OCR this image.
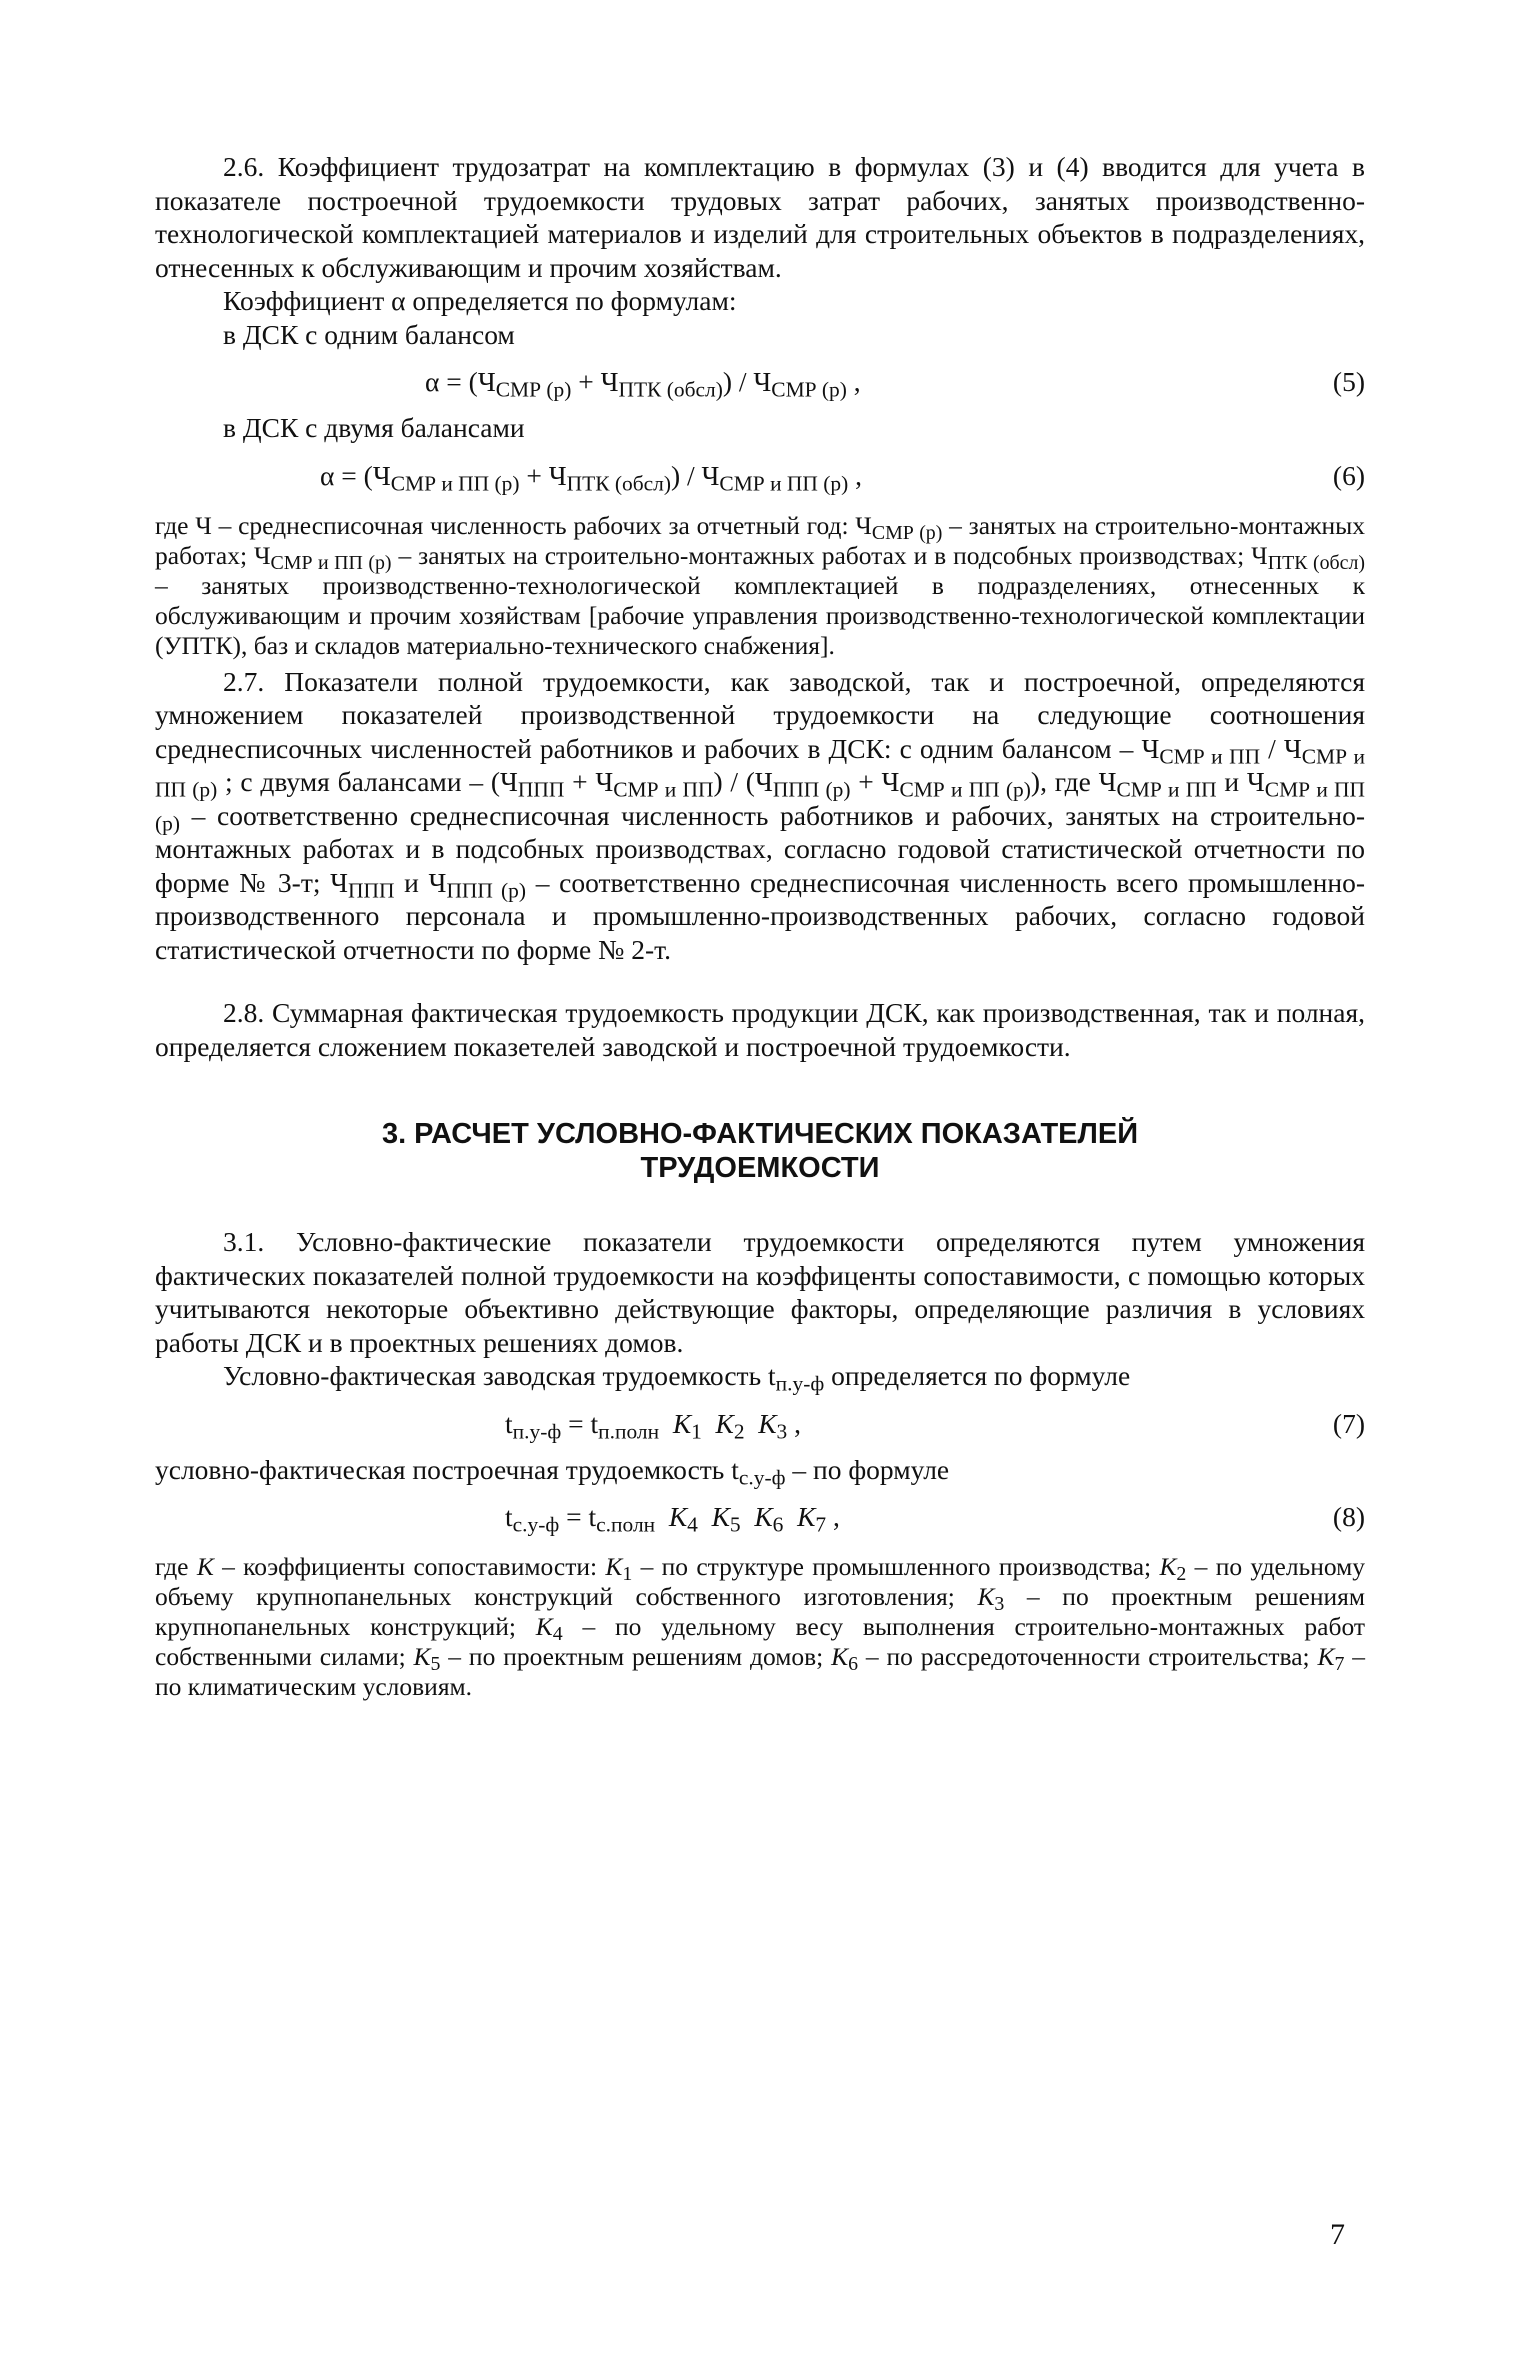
2.6. Коэффициент трудозатрат на комплектацию в формулах (3) и (4) вводится для учета в показателе построечной трудоемкости трудовых затрат рабочих, занятых производственно-технологической комплектацией материалов и изделий для строительных объектов в подразделениях, отнесенных к обслуживающим и прочим хозяйствам.

Коэффициент α определяется по формулам:

в ДСК с одним балансом

$\alpha = (Ч_{СМР (р)} + Ч_{ПТК (обсл)}) / Ч_{СМР (р)}$ ,	(5)

в ДСК с двумя балансами

$\alpha = (Ч_{СМР и ПП (р)} + Ч_{ПТК (обсл)}) / Ч_{СМР и ПП (р)}$ ,	(6)

где Ч – среднесписочная численность рабочих за отчетный год: $Ч_{СМР (р)}$ – занятых на строительно-монтажных работах; $Ч_{СМР и ПП (р)}$ – занятых на строительно-монтажных работах и в подсобных производствах; $Ч_{ПТК (обсл)}$ – занятых производственно-технологической комплектацией в подразделениях, отнесенных к обслуживающим и прочим хозяйствам [рабочие управления производственно-технологической комплектации (УПТК), баз и складов материально-технического снабжения].

2.7. Показатели полной трудоемкости, как заводской, так и построечной, определяются умножением показателей производственной трудоемкости на следующие соотношения среднесписочных численностей работников и рабочих в ДСК: с одним балансом – $Ч_{СМР и ПП} / Ч_{СМР и ПП (р)}$ ; с двумя балансами – $(Ч_{ППП} + Ч_{СМР и ПП}) / (Ч_{ППП (р)} + Ч_{СМР и ПП (р)})$, где $Ч_{СМР и ПП}$ и $Ч_{СМР и ПП (р)}$ – соответственно среднесписочная численность работников и рабочих, занятых на строительно-монтажных работах и в подсобных производствах, согласно годовой статистической отчетности по форме № 3-т; $Ч_{ППП}$ и $Ч_{ППП (р)}$ – соответственно среднесписочная численность всего промышленно-производственного персонала и промышленно-производственных рабочих, согласно годовой статистической отчетности по форме № 2-т.

2.8. Суммарная фактическая трудоемкость продукции ДСК, как производственная, так и полная, определяется сложением показетелей заводской и построечной трудоемкости.

3. РАСЧЕТ УСЛОВНО-ФАКТИЧЕСКИХ ПОКАЗАТЕЛЕЙ
ТРУДОЕМКОСТИ

3.1. Условно-фактические показатели трудоемкости определяются путем умножения фактических показателей полной трудоемкости на коэффиценты сопоставимости, с помощью которых учитываются некоторые объективно действующие факторы, определяющие различия в условиях работы ДСК и в проектных решениях домов.

Условно-фактическая заводская трудоемкость $t_{п.у-ф}$ определяется по формуле

$t_{п.у-ф} = t_{п.полн}$ $К_1$ $К_2$ $К_3$ ,	(7)

условно-фактическая построечная трудоемкость $t_{с.у-ф}$ – по формуле

$t_{с.у-ф} = t_{с.полн}$ $К_4$ $К_5$ $К_6$ $К_7$ ,	(8)

где К – коэффициенты сопоставимости: $К_1$ – по структуре промышленного производства; $К_2$ – по удельному объему крупнопанельных конструкций собственного изготовления; $К_3$ – по проектным решениям крупнопанельных конструкций; $К_4$ – по удельному весу выполнения строительно-монтажных работ собственными силами; $К_5$ – по проектным решениям домов; $К_6$ – по рассредоточенности строительства; $К_7$ – по климатическим условиям.

7
